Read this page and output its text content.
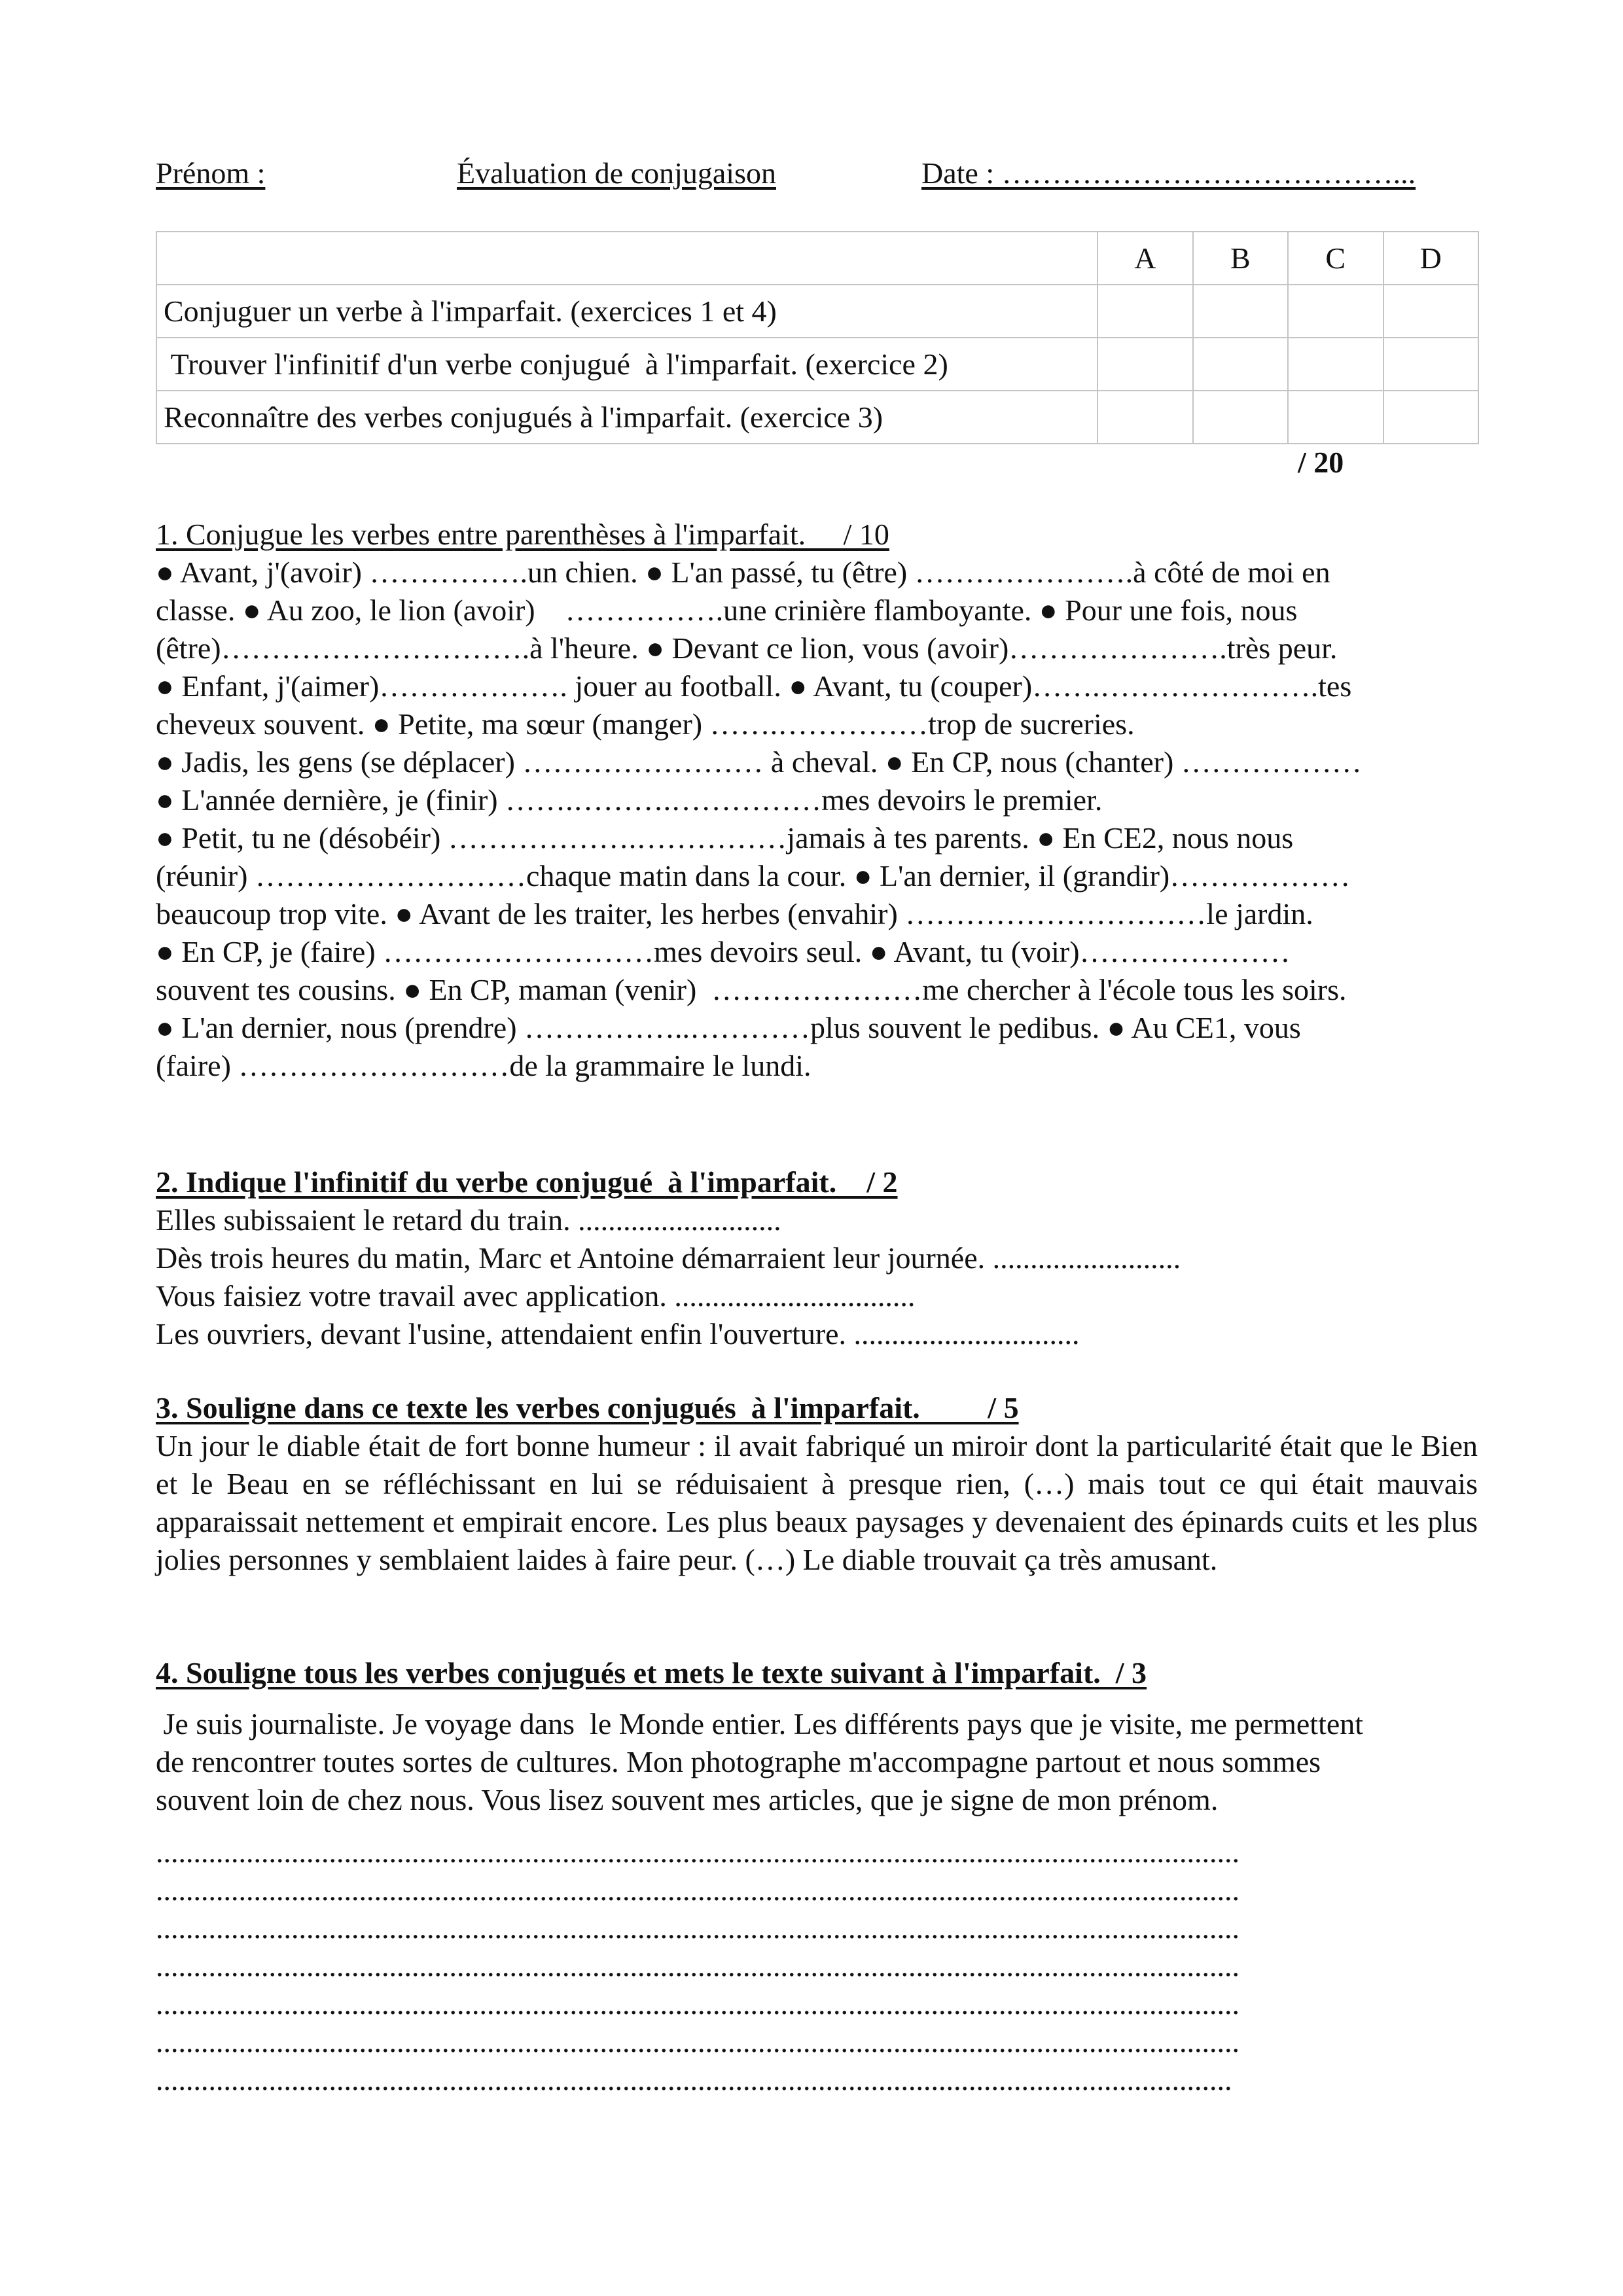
Prénom :	Évaluation de conjugaison	Date : …………………………………...
	A	B	C	D
Conjuguer un verbe à l'imparfait. (exercices 1 et 4)				
Trouver l'infinitif d'un verbe conjugué  à l'imparfait. (exercice 2)				
Reconnaître des verbes conjugués à l'imparfait. (exercice 3)				
/ 20
1. Conjugue les verbes entre parenthèses à l'imparfait.     / 10
● Avant, j'(avoir) …………….un chien. ● L'an passé, tu (être) ………………….à côté de moi en
classe. ● Au zoo, le lion (avoir)    …………….une crinière flamboyante. ● Pour une fois, nous
(être)………………………….à l'heure. ● Devant ce lion, vous (avoir)………………….très peur.
● Enfant, j'(aimer)………………. jouer au football. ● Avant, tu (couper)…….………………….tes
cheveux souvent. ● Petite, ma sœur (manger) …….……………trop de sucreries.
● Jadis, les gens (se déplacer) …………………… à cheval. ● En CP, nous (chanter) ………………
● L'année dernière, je (finir) …….……….……………mes devoirs le premier.
● Petit, tu ne (désobéir) ……………….……………jamais à tes parents. ● En CE2, nous nous
(réunir) ………………………chaque matin dans la cour. ● L'an dernier, il (grandir)………………
beaucoup trop vite. ● Avant de les traiter, les herbes (envahir) …………………………le jardin.
● En CP, je (faire) ………………………mes devoirs seul. ● Avant, tu (voir)…………………
souvent tes cousins. ● En CP, maman (venir)  …………………me chercher à l'école tous les soirs.
● L'an dernier, nous (prendre) ……………..…………plus souvent le pedibus. ● Au CE1, vous
(faire) ………………………de la grammaire le lundi.
2. Indique l'infinitif du verbe conjugué  à l'imparfait.    / 2
Elles subissaient le retard du train. ...........................
Dès trois heures du matin, Marc et Antoine démarraient leur journée. .........................
Vous faisiez votre travail avec application. ................................
Les ouvriers, devant l'usine, attendaient enfin l'ouverture. ..............................
3. Souligne dans ce texte les verbes conjugués  à l'imparfait.         / 5
Un jour le diable était de fort bonne humeur : il avait fabriqué un miroir dont la particularité était que le Bien et le Beau en se réfléchissant en lui se réduisaient à presque rien, (…) mais tout ce qui était mauvais apparaissait nettement et empirait encore. Les plus beaux paysages y devenaient des épinards cuits et les plus jolies personnes y semblaient laides à faire peur. (…) Le diable trouvait ça très amusant.
4. Souligne tous les verbes conjugués et mets le texte suivant à l'imparfait.  / 3
Je suis journaliste. Je voyage dans  le Monde entier. Les différents pays que je visite, me permettent
de rencontrer toutes sortes de cultures. Mon photographe m'accompagne partout et nous sommes
souvent loin de chez nous. Vous lisez souvent mes articles, que je signe de mon prénom.
................................................................................................................................................
................................................................................................................................................
................................................................................................................................................
................................................................................................................................................
................................................................................................................................................
................................................................................................................................................
...............................................................................................................................................
